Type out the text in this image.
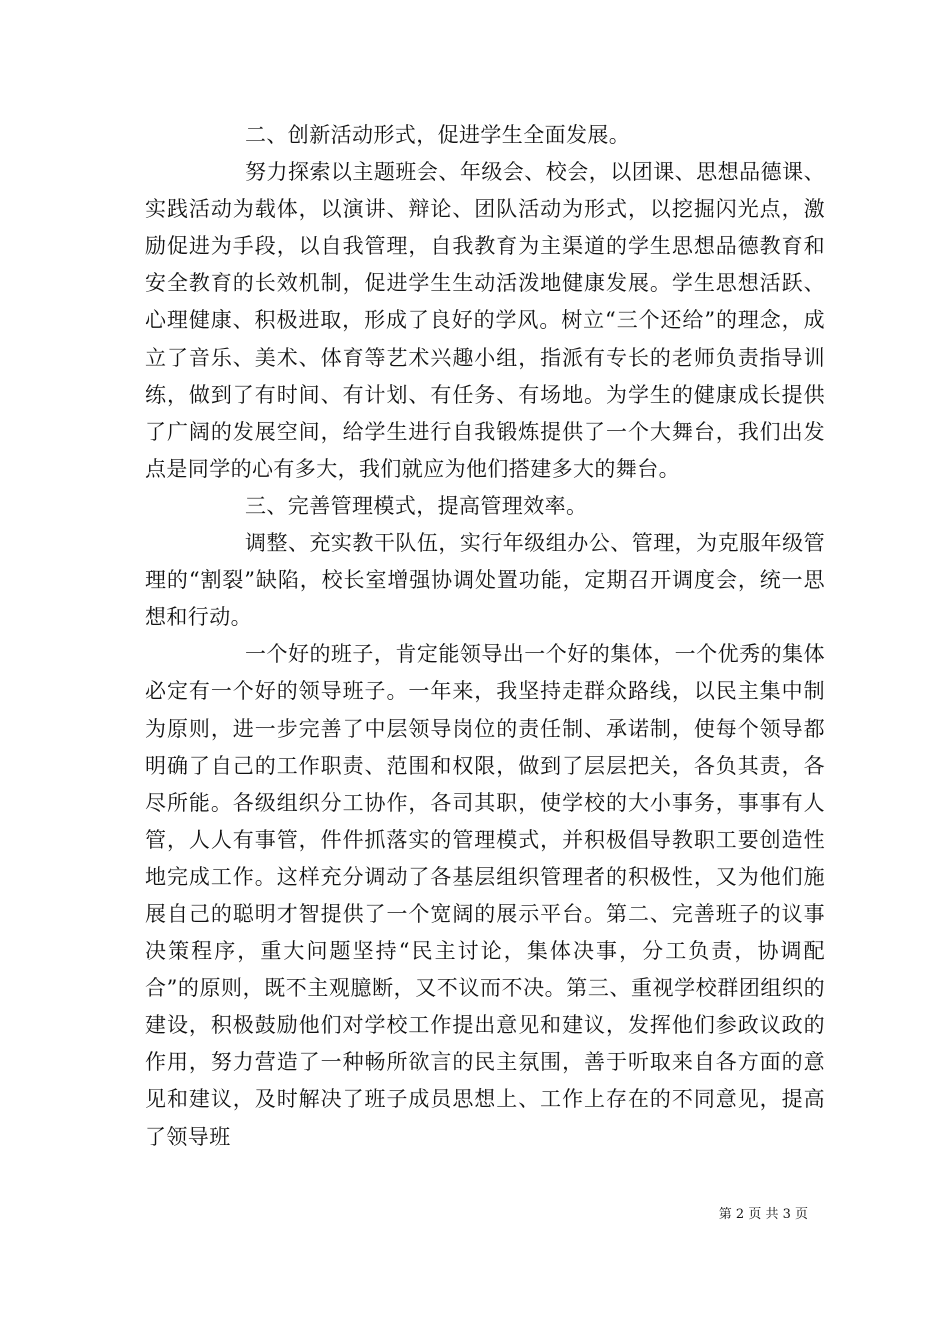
二、创新活动形式，促进学生全面发展。

努力探索以主题班会、年级会、校会，以团课、思想品德课、实践活动为载体，以演讲、辩论、团队活动为形式，以挖掘闪光点，激励促进为手段，以自我管理，自我教育为主渠道的学生思想品德教育和安全教育的长效机制，促进学生生动活泼地健康发展。学生思想活跃、心理健康、积极进取，形成了良好的学风。树立“三个还给”的理念，成立了音乐、美术、体育等艺术兴趣小组，指派有专长的老师负责指导训练，做到了有时间、有计划、有任务、有场地。为学生的健康成长提供了广阔的发展空间，给学生进行自我锻炼提供了一个大舞台，我们出发点是同学的心有多大，我们就应为他们搭建多大的舞台。

三、完善管理模式，提高管理效率。

调整、充实教干队伍，实行年级组办公、管理，为克服年级管理的“割裂”缺陷，校长室增强协调处置功能，定期召开调度会，统一思想和行动。

一个好的班子，肯定能领导出一个好的集体，一个优秀的集体必定有一个好的领导班子。一年来，我坚持走群众路线，以民主集中制为原则，进一步完善了中层领导岗位的责任制、承诺制，使每个领导都明确了自己的工作职责、范围和权限，做到了层层把关，各负其责，各尽所能。各级组织分工协作，各司其职，使学校的大小事务，事事有人管，人人有事管，件件抓落实的管理模式，并积极倡导教职工要创造性地完成工作。这样充分调动了各基层组织管理者的积极性，又为他们施展自己的聪明才智提供了一个宽阔的展示平台。第二、完善班子的议事决策程序，重大问题坚持“民主讨论，集体决事，分工负责，协调配合”的原则，既不主观臆断，又不议而不决。第三、重视学校群团组织的建设，积极鼓励他们对学校工作提出意见和建议，发挥他们参政议政的作用，努力营造了一种畅所欲言的民主氛围，善于听取来自各方面的意见和建议，及时解决了班子成员思想上、工作上存在的不同意见，提高了领导班

第 2 页 共 3 页
